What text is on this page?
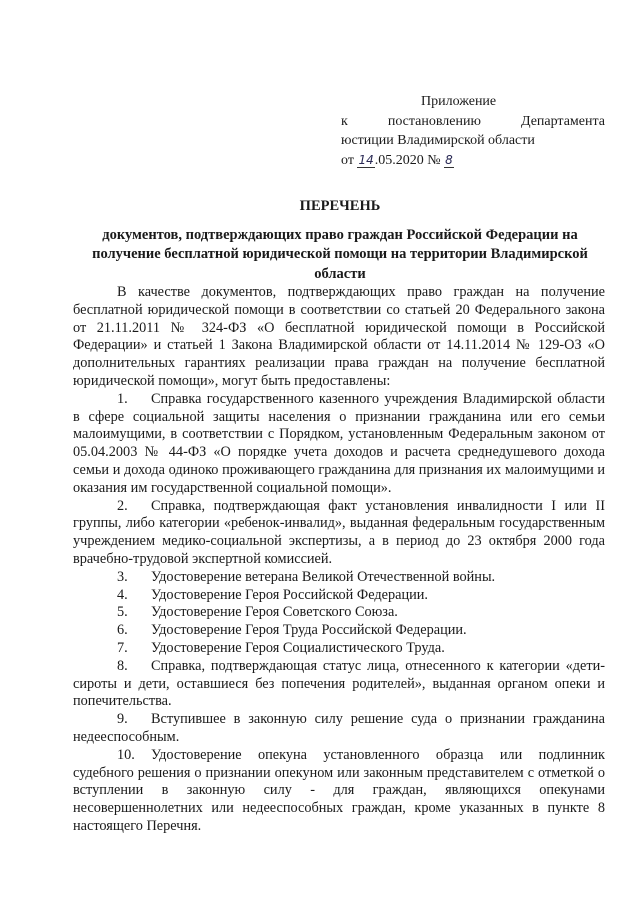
Приложение
к	постановлению	Департамента
юстиции Владимирской области
от 14.05.2020 № 8
ПЕРЕЧЕНЬ
документов, подтверждающих право граждан Российской Федерации на получение бесплатной юридической помощи на территории Владимирской области

В качестве документов, подтверждающих право граждан на получение бесплатной юридической помощи в соответствии со статьей 20 Федерального закона от 21.11.2011 № 324-ФЗ «О бесплатной юридической помощи в Российской Федерации» и статьей 1 Закона Владимирской области от 14.11.2014 № 129-ОЗ «О дополнительных гарантиях реализации права граждан на получение бесплатной юридической помощи», могут быть предоставлены:

1. Справка государственного казенного учреждения Владимирской области в сфере социальной защиты населения о признании гражданина или его семьи малоимущими, в соответствии с Порядком, установленным Федеральным законом от 05.04.2003 № 44-ФЗ «О порядке учета доходов и расчета среднедушевого дохода семьи и дохода одиноко проживающего гражданина для признания их малоимущими и оказания им государственной социальной помощи».

2. Справка, подтверждающая факт установления инвалидности I или II группы, либо категории «ребенок-инвалид», выданная федеральным государственным учреждением медико-социальной экспертизы, а в период до 23 октября 2000 года врачебно-трудовой экспертной комиссией.

3. Удостоверение ветерана Великой Отечественной войны.

4. Удостоверение Героя Российской Федерации.

5. Удостоверение Героя Советского Союза.

6. Удостоверение Героя Труда Российской Федерации.

7. Удостоверение Героя Социалистического Труда.

8. Справка, подтверждающая статус лица, отнесенного к категории «дети-сироты и дети, оставшиеся без попечения родителей», выданная органом опеки и попечительства.

9. Вступившее в законную силу решение суда о признании гражданина недееспособным.

10. Удостоверение опекуна установленного образца или подлинник судебного решения о признании опекуном или законным представителем с отметкой о вступлении в законную силу - для граждан, являющихся опекунами несовершеннолетних или недееспособных граждан, кроме указанных в пункте 8 настоящего Перечня.
